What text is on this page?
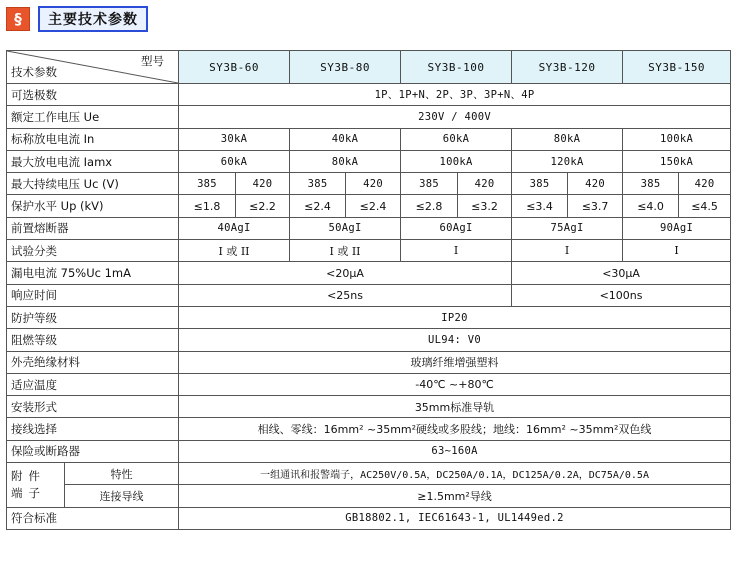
§	主要技术参数
型号
技术参数		SY3B-60		SY3B-80		SY3B-100		SY3B-120		SY3B-150	
可选极数		1P、1P+N、2P、3P、3P+N、4P									
额定工作电压 Ue		230V / 400V									
标称放电电流 In		30kA		40kA		60kA		80kA		100kA	
最大放电电流 Iamx		60kA		80kA		100kA		120kA		150kA	
最大持续电压 Uc (V)		385	420	385	420	385	420	385	420	385	420
保护水平 Up (kV)		≤1.8	≤2.2	≤2.4	≤2.4	≤2.8	≤3.2	≤3.4	≤3.7	≤4.0	≤4.5
前置熔断器		40AgI		50AgI		60AgI		75AgI		90AgI	
试验分类		I 或 II		I 或 II		I		I		I	
漏电电流 75%Uc 1mA		<20μA						<30μA			
响应时间		<25ns						<100ns			
防护等级		IP20									
阻燃等级		UL94: V0									
外壳绝缘材料		玻璃纤维增强塑料									
适应温度		-40℃ ~+80℃									
安装形式		35mm标准导轨									
接线选择		相线、零线：16mm² ~35mm²硬线或多股线；地线：16mm² ~35mm²双色线									
保险或断路器		63~160A									
附件端子	特性	一组通讯和报警端子，AC250V/0.5A，DC250A/0.1A，DC125A/0.2A，DC75A/0.5A									
	连接导线	≥1.5mm²导线									
符合标准		GB18802.1, IEC61643-1, UL1449ed.2									
